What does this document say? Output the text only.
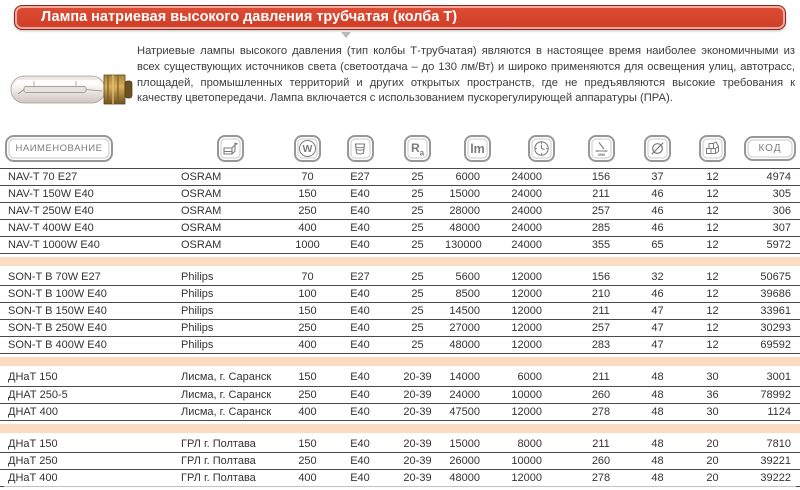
Лампа натриевая высокого давления трубчатая (колба Т)

Натриевые лампы высокого давления (тип колбы Т-трубчатая) являются в настоящее время наиболее экономичными из всех существующих источников света (светоотдача – до 130 лм/Вт) и широко применяются для освещения улиц, автотрасс, площадей, промышленных территорий и других открытых пространств, где не предъявляются высокие требования к качеству цветопередачи. Лампа включается с использованием пускорегулирующей аппаратуры (ПРА).

НАИМЕНОВАНИЕ		W		$R_a$	lm		мм			КОД
NAV-T 70 E27	OSRAM	70	E27	25	6000	24000	156	37	12	4974
NAV-T 150W E40	OSRAM	150	E40	25	15000	24000	211	46	12	305
NAV-T 250W E40	OSRAM	250	E40	25	28000	24000	257	46	12	306
NAV-T 400W E40	OSRAM	400	E40	25	48000	24000	285	46	12	307
NAV-T 1000W E40	OSRAM	1000	E40	25	130000	24000	355	65	12	5972

SON-T B 70W E27	Philips	70	E27	25	5600	12000	156	32	12	50675
SON-T B 100W E40	Philips	100	E40	25	8500	12000	210	46	12	39686
SON-T B 150W E40	Philips	150	E40	25	14500	12000	211	47	12	33961
SON-T B 250W E40	Philips	250	E40	25	27000	12000	257	47	12	30293
SON-T B 400W E40	Philips	400	E40	25	48000	12000	283	47	12	69592

ДНаТ 150	Лисма, г. Саранск	150	E40	20-39	14000	6000	211	48	30	3001
ДНАТ 250-5	Лисма, г. Саранск	250	E40	20-39	24000	10000	260	48	36	78992
ДНАТ 400	Лисма, г. Саранск	400	E40	20-39	47500	12000	278	48	30	1124

ДНаТ 150	ГРЛ г. Полтава	150	E40	20-39	15000	8000	211	48	20	7810
ДНаТ 250	ГРЛ г. Полтава	250	E40	20-39	26000	10000	260	48	20	39221
ДНаТ 400	ГРЛ г. Полтава	400	E40	20-39	48000	12000	278	48	20	39222
